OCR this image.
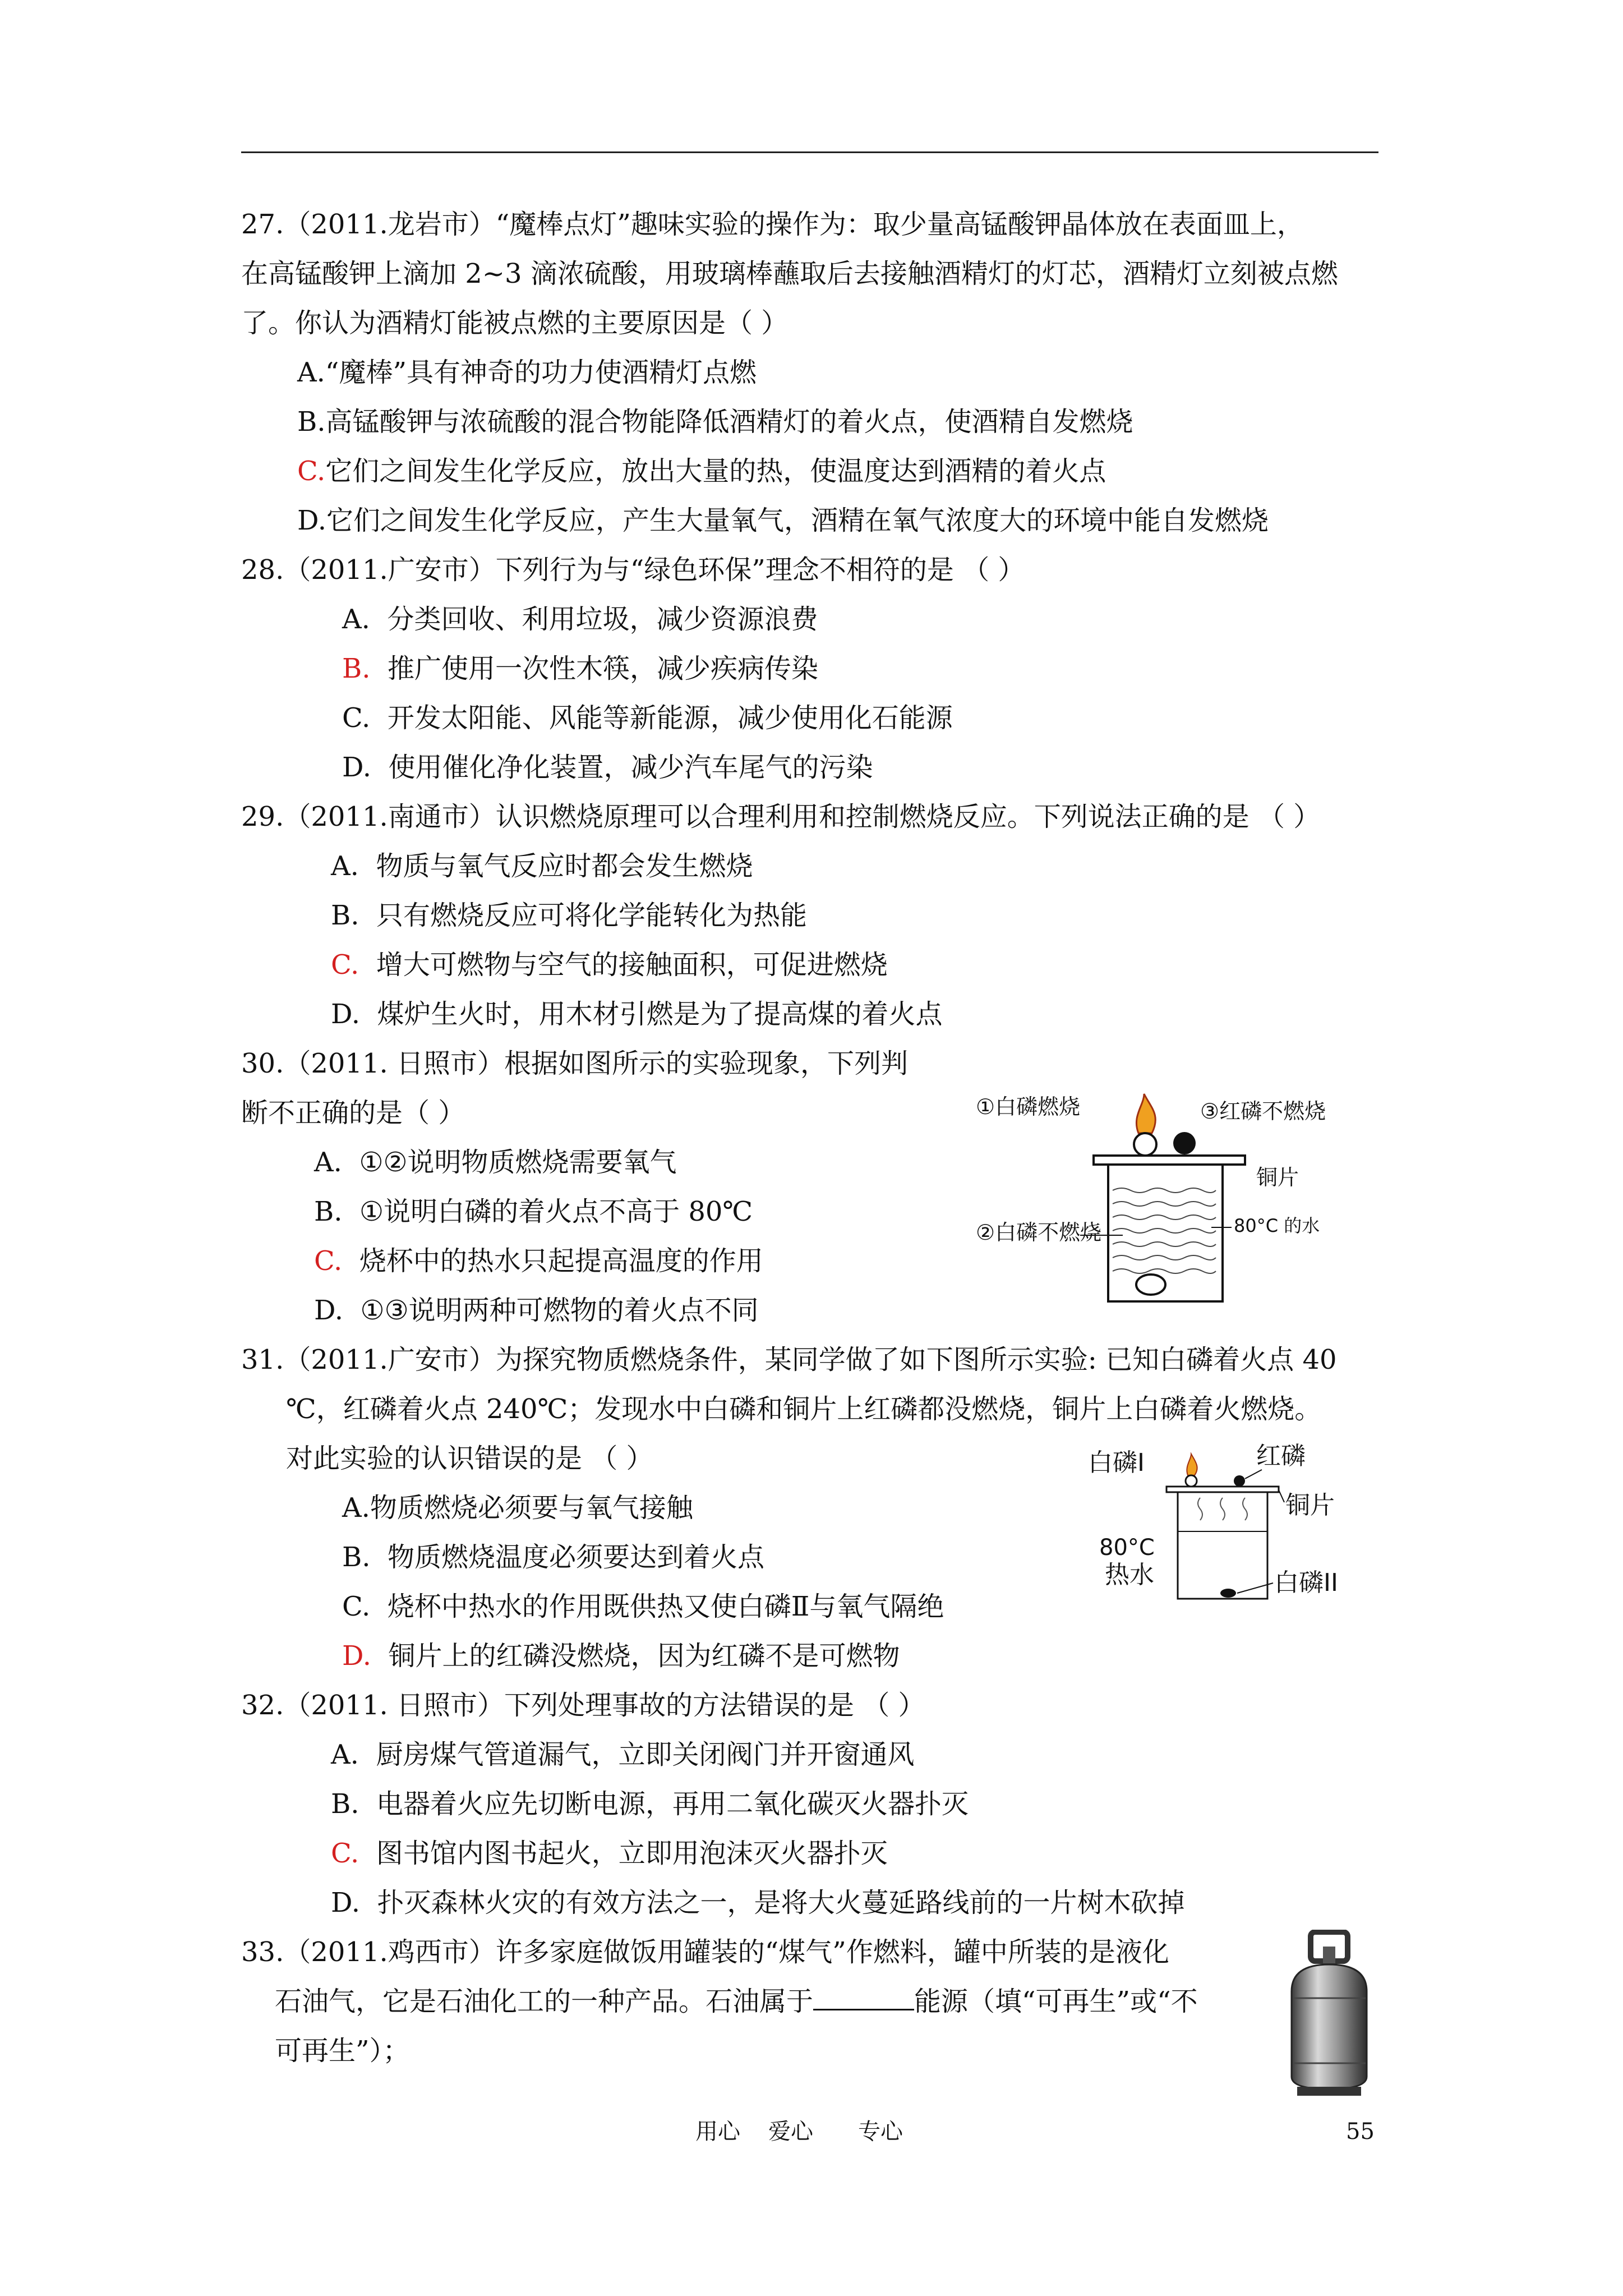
27.（2011.龙岩市）“魔棒点灯”趣味实验的操作为：取少量高锰酸钾晶体放在表面皿上，
在高锰酸钾上滴加 2~3 滴浓硫酸，用玻璃棒蘸取后去接触酒精灯的灯芯，酒精灯立刻被点燃
了。你认为酒精灯能被点燃的主要原因是（ ）
A.“魔棒”具有神奇的功力使酒精灯点燃
B.高锰酸钾与浓硫酸的混合物能降低酒精灯的着火点，使酒精自发燃烧
C.它们之间发生化学反应，放出大量的热，使温度达到酒精的着火点
D.它们之间发生化学反应，产生大量氧气，酒精在氧气浓度大的环境中能自发燃烧
28.（2011.广安市）下列行为与“绿色环保”理念不相符的是 （ ）
A. 分类回收、利用垃圾，减少资源浪费
B. 推广使用一次性木筷，减少疾病传染
C. 开发太阳能、风能等新能源，减少使用化石能源
D. 使用催化净化装置，减少汽车尾气的污染
29.（2011.南通市）认识燃烧原理可以合理利用和控制燃烧反应。下列说法正确的是 （ ）
A. 物质与氧气反应时都会发生燃烧
B. 只有燃烧反应可将化学能转化为热能
C. 增大可燃物与空气的接触面积，可促进燃烧
D. 煤炉生火时，用木材引燃是为了提高煤的着火点
30.（2011. 日照市）根据如图所示的实验现象，下列判
断不正确的是（ ）
A. ①②说明物质燃烧需要氧气
B. ①说明白磷的着火点不高于 80℃
C. 烧杯中的热水只起提高温度的作用
D. ①③说明两种可燃物的着火点不同
①白磷燃烧	③红磷不燃烧
铜片
②白磷不燃烧	80°C 的水
31.（2011.广安市）为探究物质燃烧条件，某同学做了如下图所示实验: 已知白磷着火点 40
℃，红磷着火点 240℃；发现水中白磷和铜片上红磷都没燃烧，铜片上白磷着火燃烧。
对此实验的认识错误的是 （ ）
A.物质燃烧必须要与氧气接触
B. 物质燃烧温度必须要达到着火点
C. 烧杯中热水的作用既供热又使白磷Ⅱ与氧气隔绝
D. 铜片上的红磷没燃烧，因为红磷不是可燃物
白磷I	红磷
铜片
80°C
热水	白磷II
32.（2011. 日照市）下列处理事故的方法错误的是 （ ）
A. 厨房煤气管道漏气，立即关闭阀门并开窗通风
B. 电器着火应先切断电源，再用二氧化碳灭火器扑灭
C. 图书馆内图书起火，立即用泡沫灭火器扑灭
D. 扑灭森林火灾的有效方法之一，是将大火蔓延路线前的一片树木砍掉
33.（2011.鸡西市）许多家庭做饭用罐装的“煤气”作燃料，罐中所装的是液化
石油气，它是石油化工的一种产品。石油属于	能源（填“可再生”或“不
可再生”）；
用心 爱心 专心	55
